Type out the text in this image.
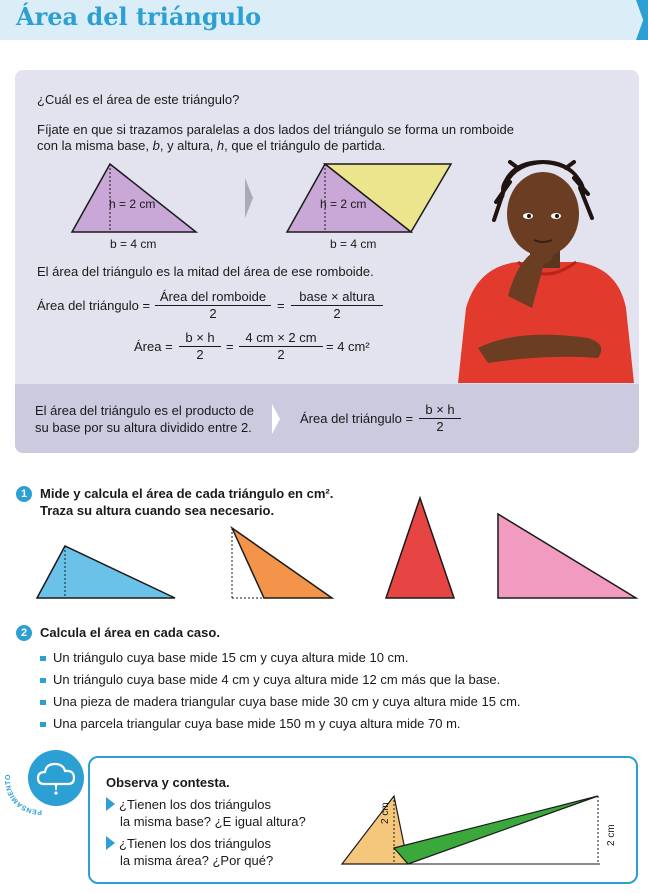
Área del triángulo
¿Cuál es el área de este triángulo?
Fíjate en que si trazamos paralelas a dos lados del triángulo se forma un romboide
con la misma base, b, y altura, h, que el triángulo de partida.
h = 2 cm
b = 4 cm
h = 2 cm
b = 4 cm
El área del triángulo es la mitad del área de ese romboide.
Área del triángulo =
Área del romboide
2
=
base × altura
2
Área = $\frac{b \times h}{2} = \frac{4 cm \times 2 cm}{2} = 4$ cm²
El área del triángulo es el producto de
su base por su altura dividido entre 2.
Área del triángulo = $\frac{b \times h}{2}$
1 Mide y calcula el área de cada triángulo en cm².
Traza su altura cuando sea necesario.
2 Calcula el área en cada caso.
Un triángulo cuya base mide 15 cm y cuya altura mide 10 cm.
Un triángulo cuya base mide 4 cm y cuya altura mide 12 cm más que la base.
Una pieza de madera triangular cuya base mide 30 cm y cuya altura mide 15 cm.
Una parcela triangular cuya base mide 150 m y cuya altura mide 70 m.
PENSAMIENTO	Observa y contesta.
¿Tienen los dos triángulos
la misma base? ¿E igual altura?
¿Tienen los dos triángulos
la misma área? ¿Por qué?
2 cm
2 cm
